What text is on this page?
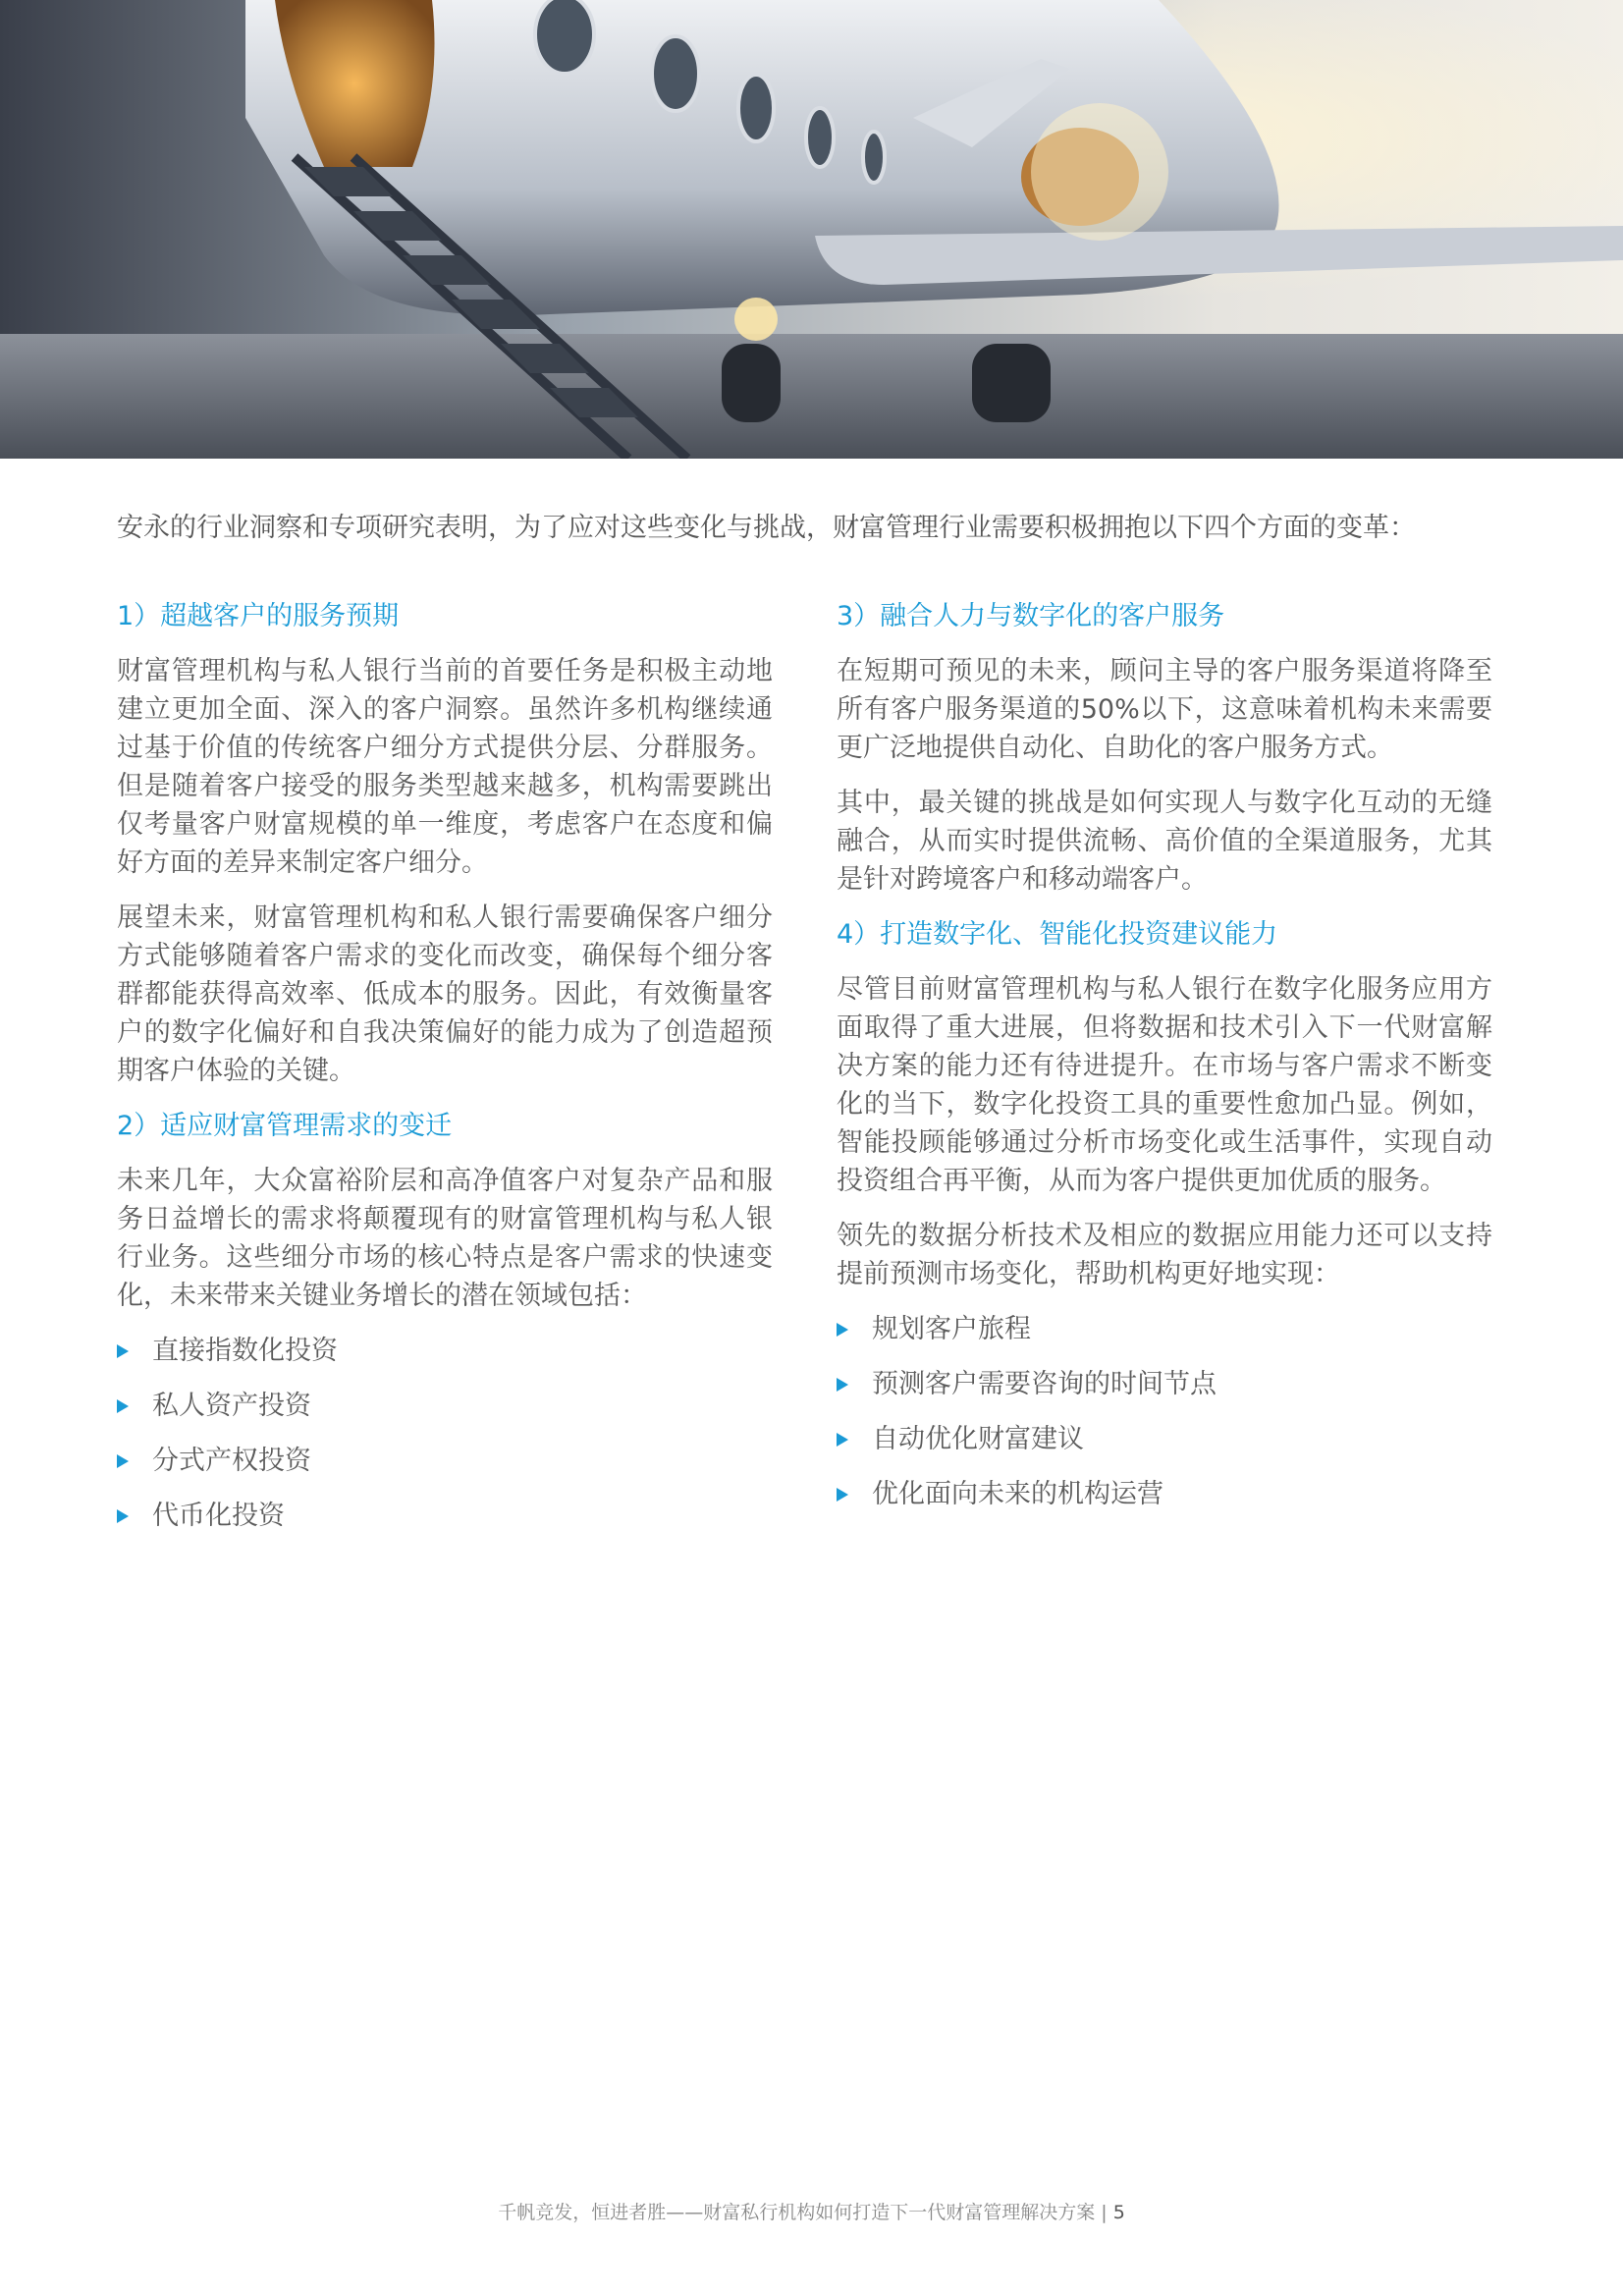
安永的行业洞察和专项研究表明，为了应对这些变化与挑战，财富管理行业需要积极拥抱以下四个方面的变革：

1）超越客户的服务预期

财富管理机构与私人银行当前的首要任务是积极主动地建立更加全面、深入的客户洞察。虽然许多机构继续通过基于价值的传统客户细分方式提供分层、分群服务。但是随着客户接受的服务类型越来越多，机构需要跳出仅考量客户财富规模的单一维度，考虑客户在态度和偏好方面的差异来制定客户细分。

展望未来，财富管理机构和私人银行需要确保客户细分方式能够随着客户需求的变化而改变，确保每个细分客群都能获得高效率、低成本的服务。因此，有效衡量客户的数字化偏好和自我决策偏好的能力成为了创造超预期客户体验的关键。

2）适应财富管理需求的变迁

未来几年，大众富裕阶层和高净值客户对复杂产品和服务日益增长的需求将颠覆现有的财富管理机构与私人银行业务。这些细分市场的核心特点是客户需求的快速变化，未来带来关键业务增长的潜在领域包括：

直接指数化投资
私人资产投资
分式产权投资
代币化投资
3）融合人力与数字化的客户服务

在短期可预见的未来，顾问主导的客户服务渠道将降至所有客户服务渠道的50%以下，这意味着机构未来需要更广泛地提供自动化、自助化的客户服务方式。

其中，最关键的挑战是如何实现人与数字化互动的无缝融合，从而实时提供流畅、高价值的全渠道服务，尤其是针对跨境客户和移动端客户。

4）打造数字化、智能化投资建议能力

尽管目前财富管理机构与私人银行在数字化服务应用方面取得了重大进展，但将数据和技术引入下一代财富解决方案的能力还有待进提升。在市场与客户需求不断变化的当下，数字化投资工具的重要性愈加凸显。例如，智能投顾能够通过分析市场变化或生活事件，实现自动投资组合再平衡，从而为客户提供更加优质的服务。

领先的数据分析技术及相应的数据应用能力还可以支持提前预测市场变化，帮助机构更好地实现：

规划客户旅程
预测客户需要咨询的时间节点
自动优化财富建议
优化面向未来的机构运营
千帆竞发，恒进者胜——财富私行机构如何打造下一代财富管理解决方案 | 5
